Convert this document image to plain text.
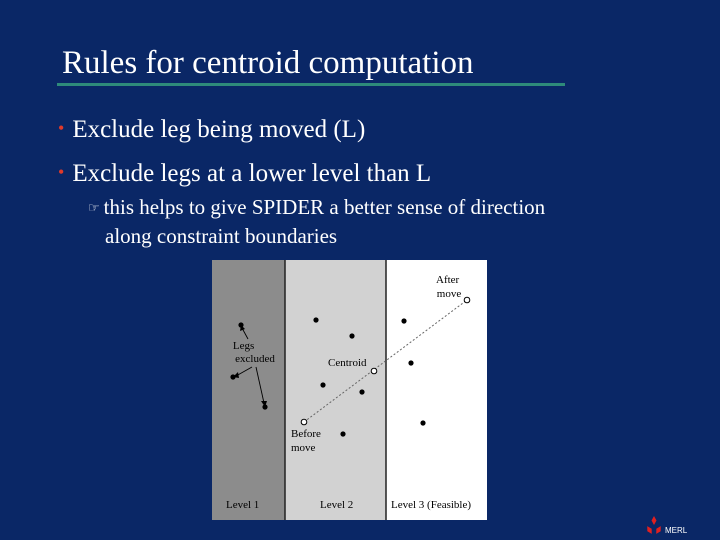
Rules for centroid computation
• Exclude leg being moved (L)
• Exclude legs at a lower level than L
☞ this helps to give SPIDER a better sense of direction
along constraint boundaries
Level 1	Level 2	Level 3 (Feasible)
Legs excluded	Centroid
After move
Before move
MERL
